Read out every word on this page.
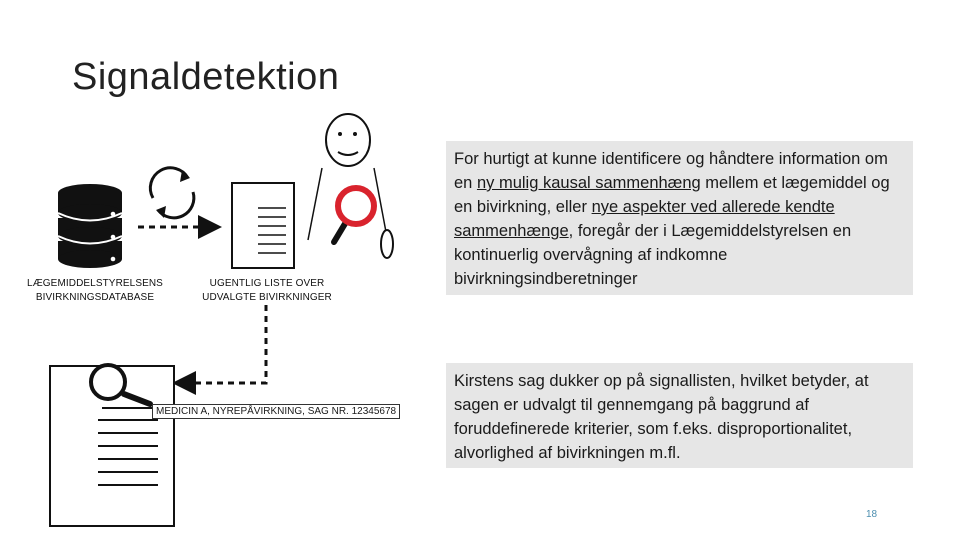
Signaldetektion
LÆGEMIDDELSTYRELSENS
BIVIRKNINGSDATABASE
UGENTLIG LISTE OVER
UDVALGTE BIVIRKNINGER
MEDICIN A, NYREPÅVIRKNING, SAG NR. 12345678
For hurtigt at kunne identificere og håndtere information om en ny mulig kausal sammenhæng mellem et lægemiddel og en bivirkning, eller nye aspekter ved allerede kendte sammenhænge, foregår der i Lægemiddelstyrelsen en kontinuerlig overvågning af indkomne bivirkningsindberetninger
Kirstens sag dukker op på signallisten, hvilket betyder, at sagen er udvalgt til gennemgang på baggrund af foruddefinerede kriterier, som f.eks. disproportionalitet, alvorlighed af bivirkningen m.fl.
18
